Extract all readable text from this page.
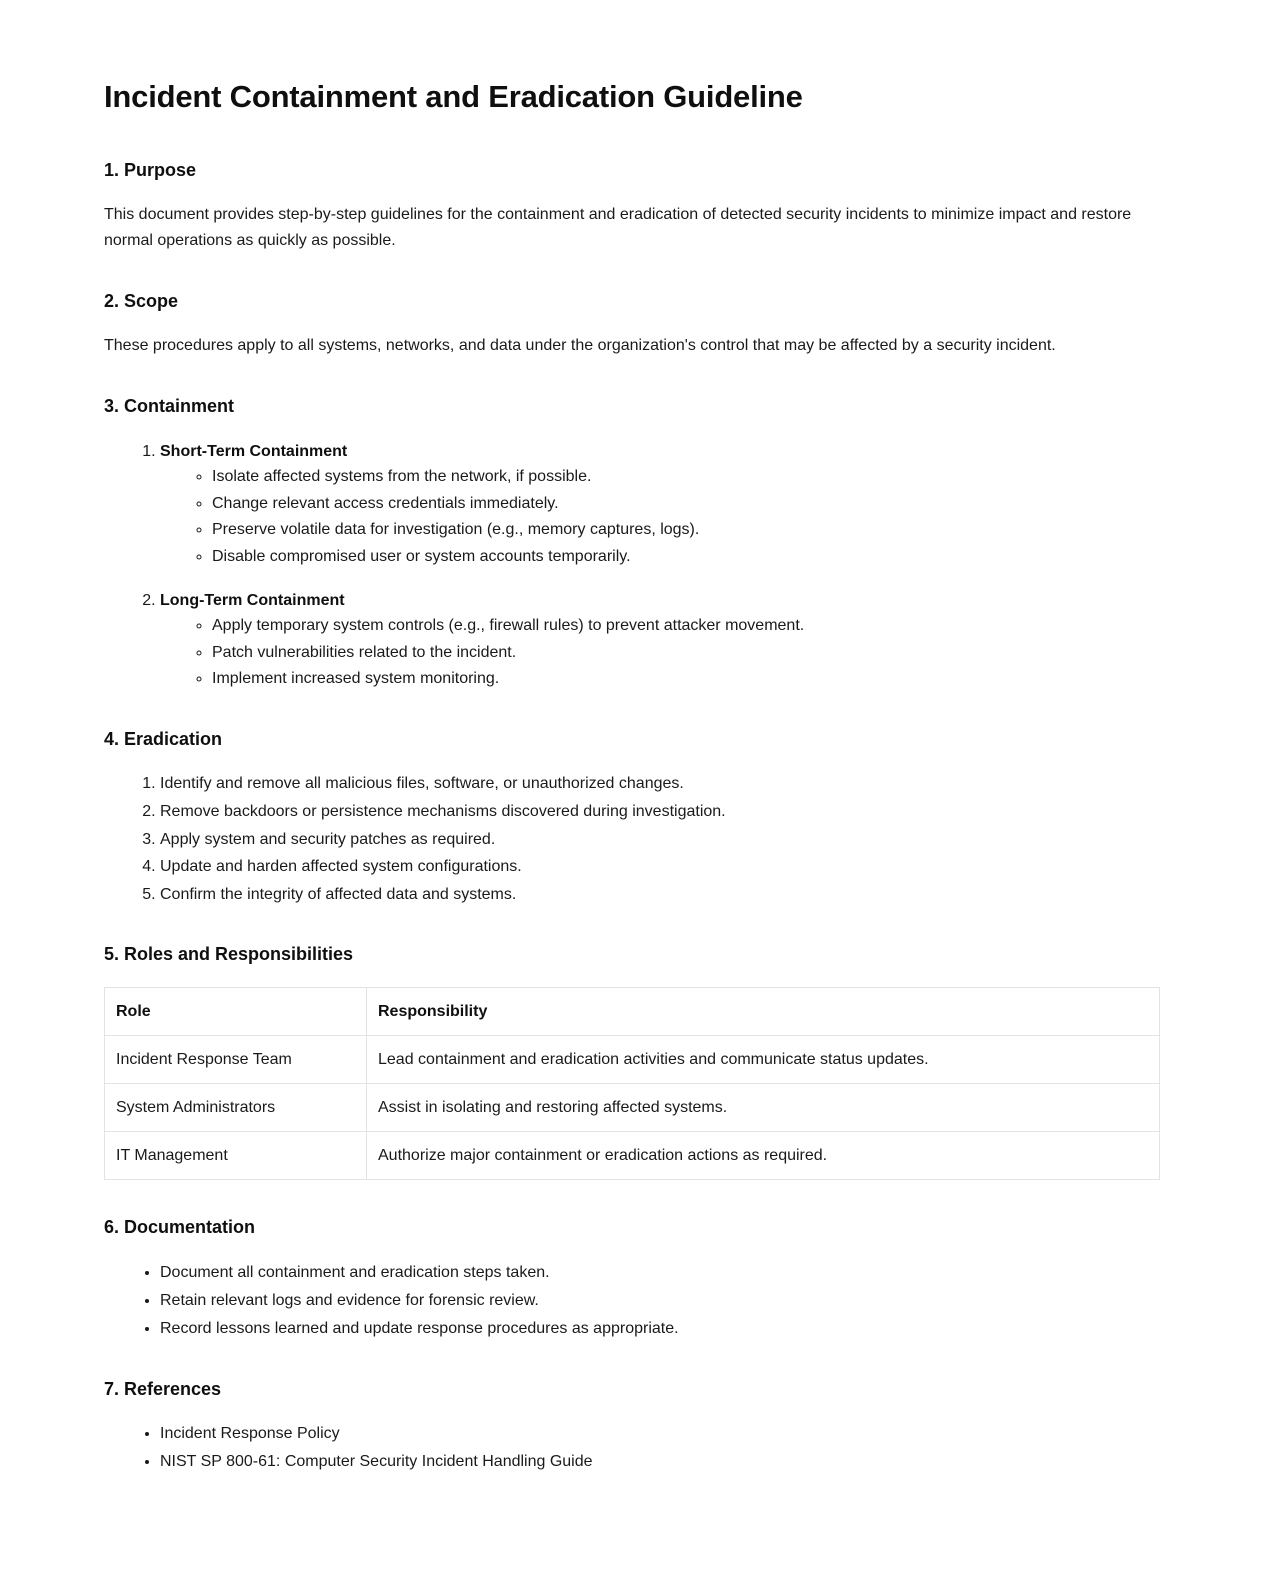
Incident Containment and Eradication Guideline
1. Purpose

This document provides step-by-step guidelines for the containment and eradication of detected security incidents to minimize impact and restore normal operations as quickly as possible.

2. Scope

These procedures apply to all systems, networks, and data under the organization's control that may be affected by a security incident.

3. Containment
1. Short-Term Containment
◦ Isolate affected systems from the network, if possible.
◦ Change relevant access credentials immediately.
◦ Preserve volatile data for investigation (e.g., memory captures, logs).
◦ Disable compromised user or system accounts temporarily.
2. Long-Term Containment
◦ Apply temporary system controls (e.g., firewall rules) to prevent attacker movement.
◦ Patch vulnerabilities related to the incident.
◦ Implement increased system monitoring.
4. Eradication
1. Identify and remove all malicious files, software, or unauthorized changes.
2. Remove backdoors or persistence mechanisms discovered during investigation.
3. Apply system and security patches as required.
4. Update and harden affected system configurations.
5. Confirm the integrity of affected data and systems.
5. Roles and Responsibilities
Role	Responsibility
Incident Response Team	Lead containment and eradication activities and communicate status updates.
System Administrators	Assist in isolating and restoring affected systems.
IT Management	Authorize major containment or eradication actions as required.
6. Documentation
• Document all containment and eradication steps taken.
• Retain relevant logs and evidence for forensic review.
• Record lessons learned and update response procedures as appropriate.
7. References
• Incident Response Policy
• NIST SP 800-61: Computer Security Incident Handling Guide
